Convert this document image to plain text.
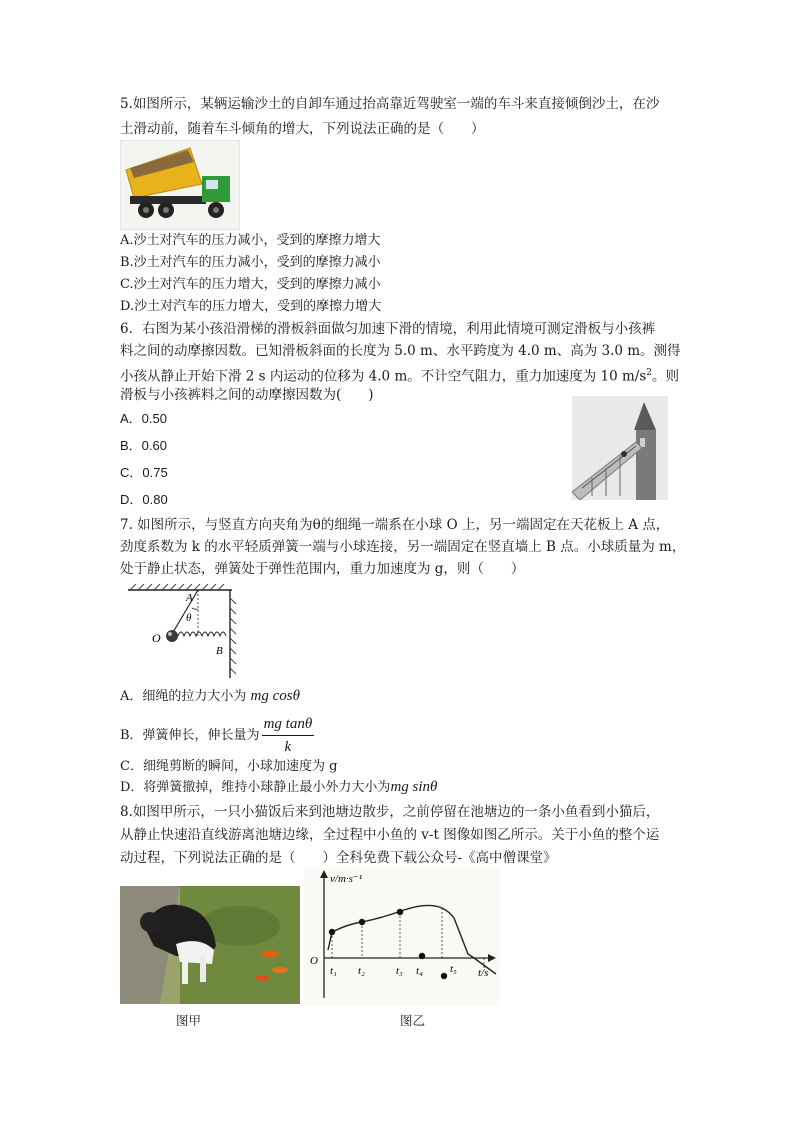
5.如图所示，某辆运输沙土的自卸车通过抬高靠近驾驶室一端的车斗来直接倾倒沙土，在沙
土滑动前，随着车斗倾角的增大，下列说法正确的是（　　）
A.沙土对汽车的压力减小，受到的摩擦力增大
B.沙土对汽车的压力减小，受到的摩擦力减小
C.沙土对汽车的压力增大，受到的摩擦力减小
D.沙土对汽车的压力增大，受到的摩擦力增大
6．右图为某小孩沿滑梯的滑板斜面做匀加速下滑的情境，利用此情境可测定滑板与小孩裤
料之间的动摩擦因数。已知滑板斜面的长度为 5.0 m、水平跨度为 4.0 m、高为 3.0 m。测得
小孩从静止开始下滑 2 s 内运动的位移为 4.0 m。不计空气阻力，重力加速度为 10 $m/s^2$。则
滑板与小孩裤料之间的动摩擦因数为(　　)
A．0.50
B．0.60
C．0.75
D．0.80
7. 如图所示，与竖直方向夹角为θ的细绳一端系在小球 O 上，另一端固定在天花板上 A 点，
劲度系数为 k 的水平轻质弹簧一端与小球连接，另一端固定在竖直墙上 B 点。小球质量为 m，
处于静止状态，弹簧处于弹性范围内，重力加速度为 g，则（　　）
A
θ
O
B
A．细绳的拉力大小为 mg cosθ
B．弹簧伸长，伸长量为 $\frac{\text{mg tanθ}}{k}$
C．细绳剪断的瞬间，小球加速度为 g
D．将弹簧撤掉，维持小球静止最小外力大小为mg sinθ
8.如图甲所示，一只小猫饭后来到池塘边散步，之前停留在池塘边的一条小鱼看到小猫后，
从静止快速沿直线游离池塘边缘，全过程中小鱼的 v-t 图像如图乙所示。关于小鱼的整个运
动过程，下列说法正确的是（　　）全科免费下载公众号-《高中僧课堂》
v/m·s⁻¹
t/s
O
t₁ t₂	t₃ t₄ t₅
图甲	图乙
